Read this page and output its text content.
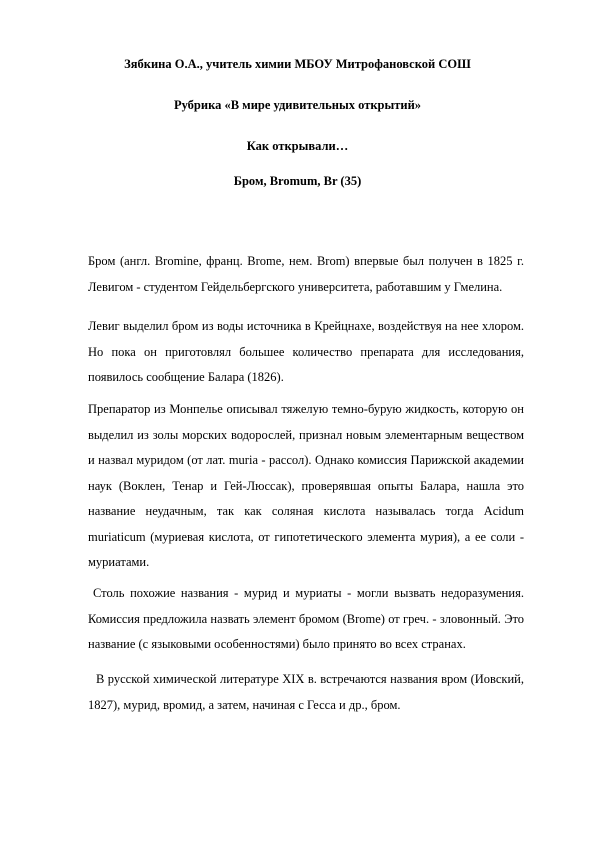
Зябкина О.А., учитель химии МБОУ Митрофановской СОШ
Рубрика «В мире удивительных открытий»
Как открывали…
Бром, Bromum, Br (35)
Бром (англ. Bromine, франц. Brome, нем. Brom) впервые был получен в 1825 г. Левигом - студентом Гейдельбергского университета, работавшим у Гмелина.
Левиг выделил бром из воды источника в Крейцнахе, воздействуя на нее хлором. Но пока он приготовлял большее количество препарата для исследования, появилось сообщение Балара (1826).
Препаратор из Монпелье описывал тяжелую темно-бурую жидкость, которую он выделил из золы морских водорослей, признал новым элементарным веществом и назвал муридом (от лат. muria - рассол). Однако комиссия Парижской академии наук (Воклен, Тенар и Гей-Люссак), проверявшая опыты Балара, нашла это название неудачным, так как соляная кислота называлась тогда Acidum muriaticum (муриевая кислота, от гипотетического элемента мурия), а ее соли - муриатами.
Столь похожие названия - мурид и муриаты - могли вызвать недоразумения. Комиссия предложила назвать элемент бромом (Brome) от греч. - зловонный. Это название (с языковыми особенностями) было принято во всех странах.
В русской химической литературе XIX в. встречаются названия вром (Иовский, 1827), мурид, вромид, а затем, начиная с Гесса и др., бром.
